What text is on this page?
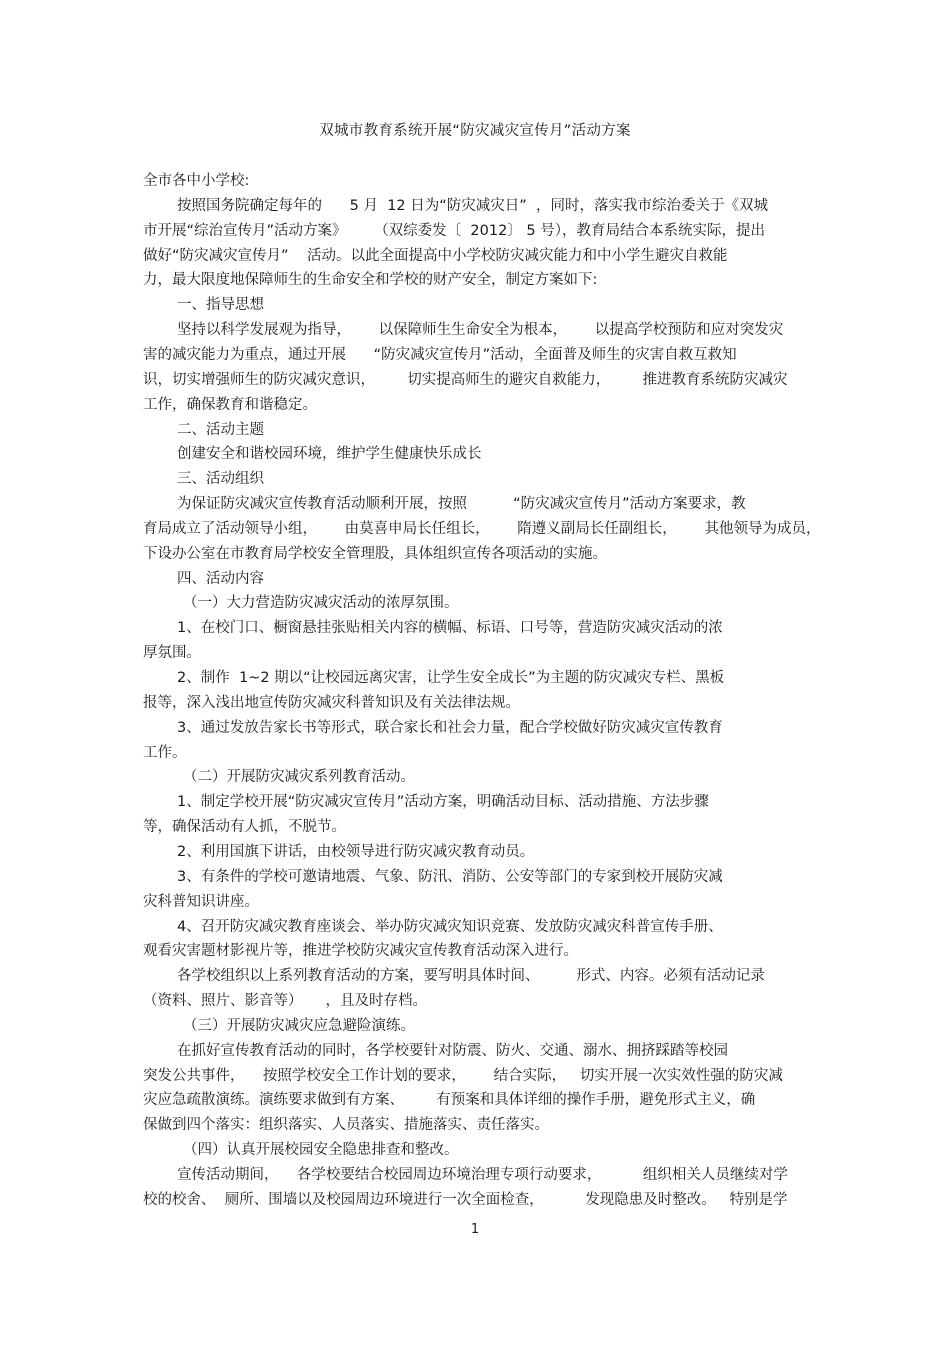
双城市教育系统开展“防灾减灾宣传月”活动方案
全市各中小学校:
按照国务院确定每年的      5 月  12 日为“防灾减灾日”  ，同时，落实我市综治委关于《双城
市开展“综治宣传月”活动方案》      （双综委发〔  2012〕 5 号），教育局结合本系统实际，提出
做好“防灾减灾宣传月”    活动。以此全面提高中小学校防灾减灾能力和中小学生避灾自救能
力，最大限度地保障师生的生命安全和学校的财产安全，制定方案如下:
一、指导思想
坚持以科学发展观为指导，      以保障师生生命安全为根本，      以提高学校预防和应对突发灾
害的减灾能力为重点，通过开展      “防灾减灾宣传月”活动，全面普及师生的灾害自救互救知
识，切实增强师生的防灾减灾意识，       切实提高师生的避灾自救能力，       推进教育系统防灾减灾
工作，确保教育和谐稳定。
二、活动主题
创建安全和谐校园环境，维护学生健康快乐成长
三、活动组织
为保证防灾减灾宣传教育活动顺利开展，按照          “防灾减灾宣传月”活动方案要求，教
育局成立了活动领导小组，      由莫喜申局长任组长，      隋遵义副局长任副组长，      其他领导为成员，
下设办公室在市教育局学校安全管理股，具体组织宣传各项活动的实施。
四、活动内容
（一）大力营造防灾减灾活动的浓厚氛围。
1、在校门口、橱窗悬挂张贴相关内容的横幅、标语、口号等，营造防灾减灾活动的浓
厚氛围。
2、制作  1~2 期以“让校园远离灾害，让学生安全成长”为主题的防灾减灾专栏、黑板
报等，深入浅出地宣传防灾减灾科普知识及有关法律法规。
3、通过发放告家长书等形式，联合家长和社会力量，配合学校做好防灾减灾宣传教育
工作。
（二）开展防灾减灾系列教育活动。
1、制定学校开展“防灾减灾宣传月”活动方案，明确活动目标、活动措施、方法步骤
等，确保活动有人抓，不脱节。
2、利用国旗下讲话，由校领导进行防灾减灾教育动员。
3、有条件的学校可邀请地震、气象、防汛、消防、公安等部门的专家到校开展防灾减
灾科普知识讲座。
4、召开防灾减灾教育座谈会、举办防灾减灾知识竞赛、发放防灾减灾科普宣传手册、
观看灾害题材影视片等，推进学校防灾减灾宣传教育活动深入进行。
各学校组织以上系列教育活动的方案，要写明具体时间、        形式、内容。必须有活动记录
（资料、照片、影音等）     ，且及时存档。
（三）开展防灾减灾应急避险演练。
在抓好宣传教育活动的同时，各学校要针对防震、防火、交通、溺水、拥挤踩踏等校园
突发公共事件，    按照学校安全工作计划的要求，      结合实际，   切实开展一次实效性强的防灾减
灾应急疏散演练。演练要求做到有方案、       有预案和具体详细的操作手册，避免形式主义，确
保做到四个落实：组织落实、人员落实、措施落实、责任落实。
（四）认真开展校园安全隐患排查和整改。
宣传活动期间，    各学校要结合校园周边环境治理专项行动要求，         组织相关人员继续对学
校的校舍、  厕所、围墙以及校园周边环境进行一次全面检查，         发现隐患及时整改。   特别是学
1
